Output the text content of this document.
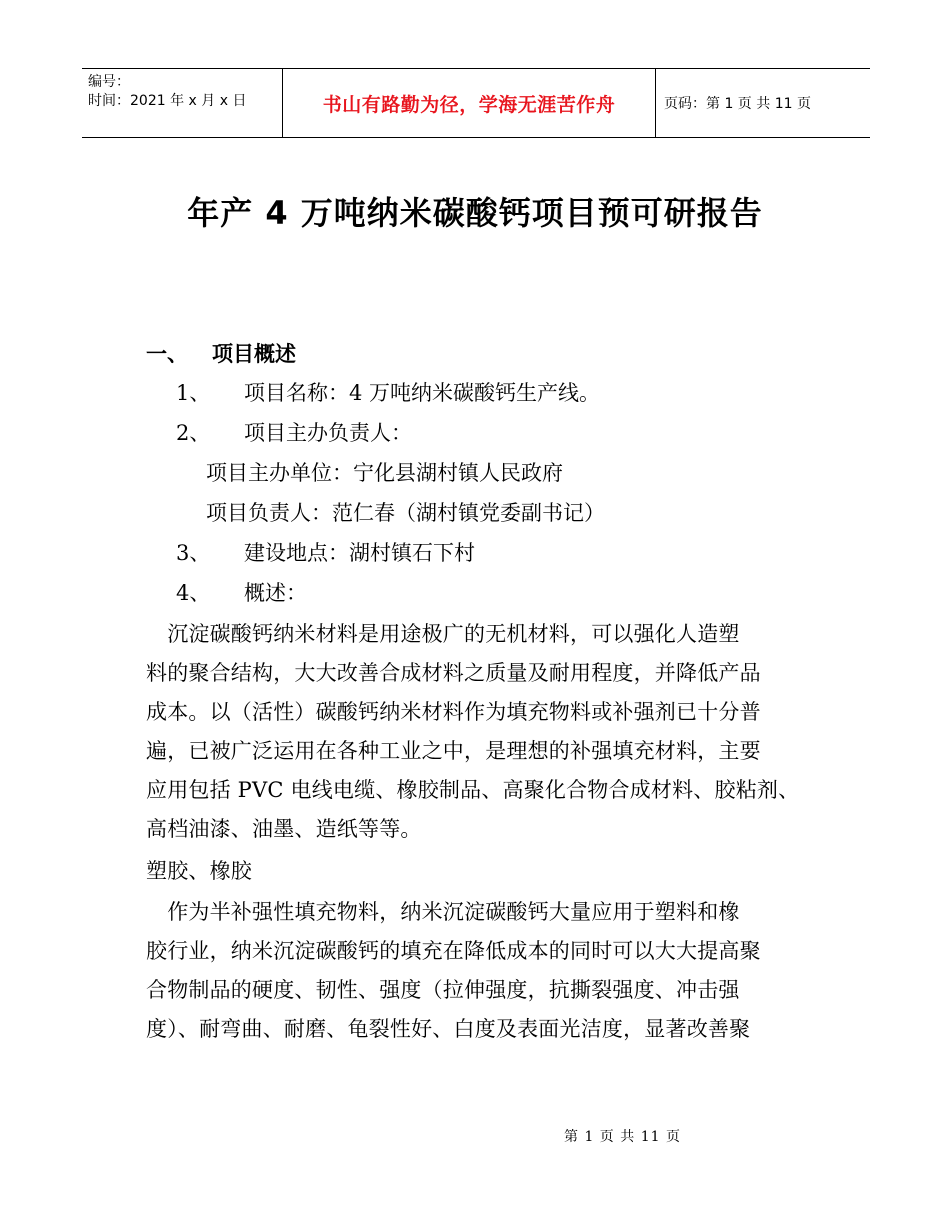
编号：
时间：2021 年 x 月 x 日	书山有路勤为径，学海无涯苦作舟	页码：第 1 页 共 11 页
年产 4 万吨纳米碳酸钙项目预可研报告
一、 项目概述
1、 项目名称：4 万吨纳米碳酸钙生产线。
2、 项目主办负责人：
项目主办单位：宁化县湖村镇人民政府
项目负责人：范仁春（湖村镇党委副书记）
3、 建设地点：湖村镇石下村
4、 概述：
　沉淀碳酸钙纳米材料是用途极广的无机材料，可以强化人造塑
料的聚合结构，大大改善合成材料之质量及耐用程度，并降低产品
成本。以（活性）碳酸钙纳米材料作为填充物料或补强剂已十分普
遍，已被广泛运用在各种工业之中，是理想的补强填充材料，主要
应用包括 PVC 电线电缆、橡胶制品、高聚化合物合成材料、胶粘剂、
高档油漆、油墨、造纸等等。
塑胶、橡胶
　作为半补强性填充物料，纳米沉淀碳酸钙大量应用于塑料和橡
胶行业，纳米沉淀碳酸钙的填充在降低成本的同时可以大大提高聚
合物制品的硬度、韧性、强度（拉伸强度，抗撕裂强度、冲击强
度）、耐弯曲、耐磨、龟裂性好、白度及表面光洁度，显著改善聚
第 1 页 共 11 页
